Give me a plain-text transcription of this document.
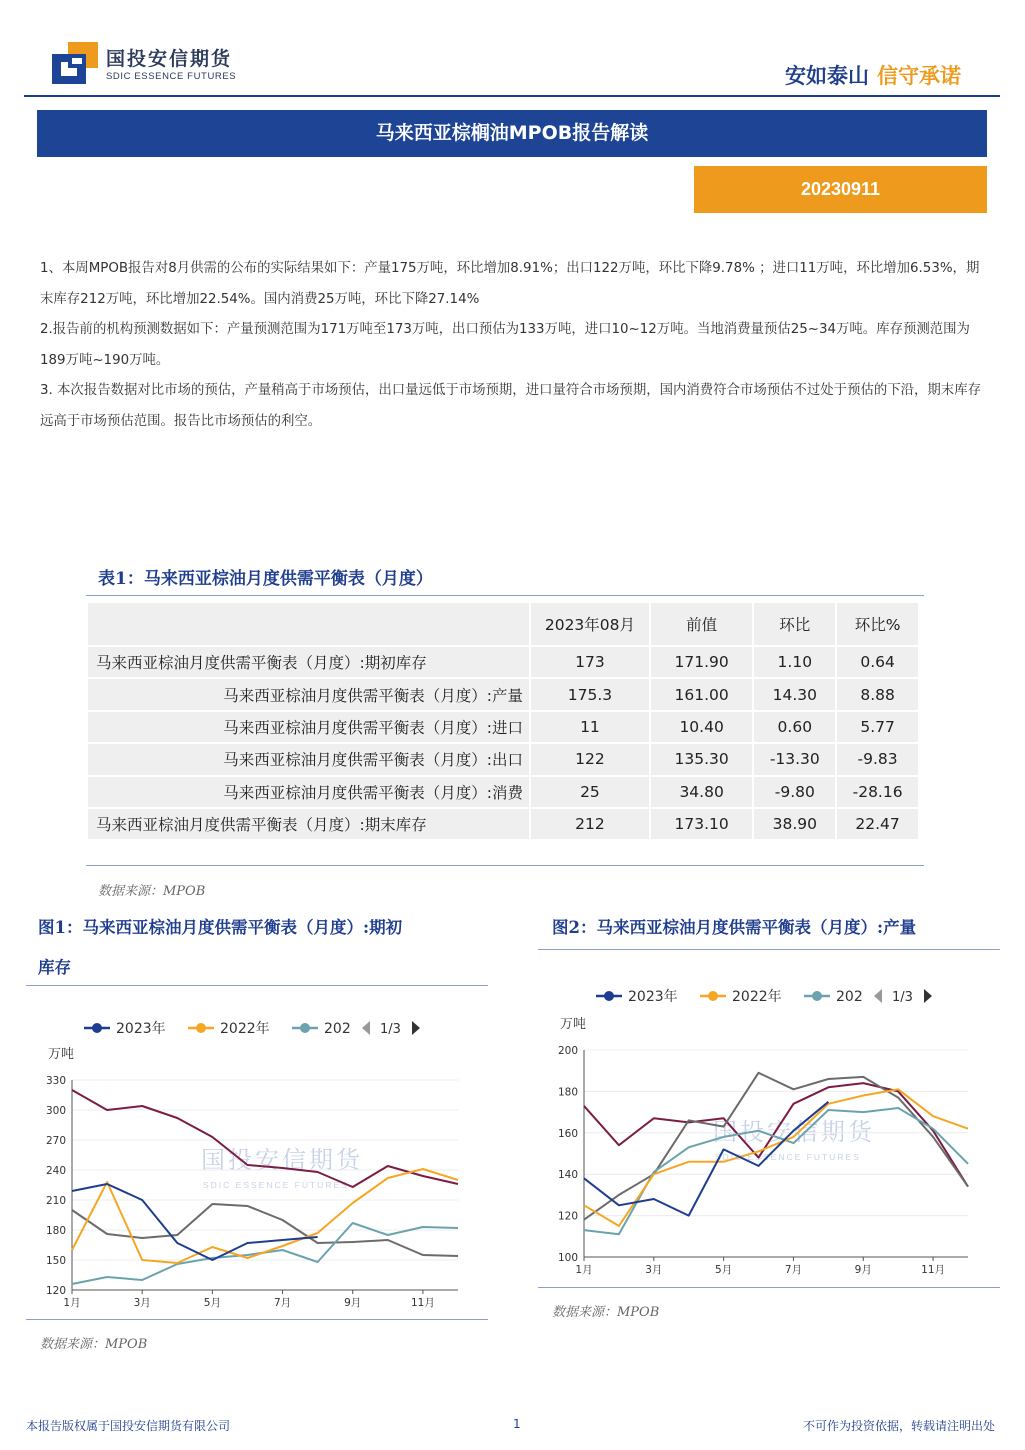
国投安信期货
SDIC ESSENCE FUTURES	安如泰山 信守承诺
马来西亚棕榈油MPOB报告解读
20230911

1、本周MPOB报告对8月供需的公布的实际结果如下：产量175万吨，环比增加8.91%；出口122万吨，环比下降9.78% ；进口11万吨，环比增加6.53%，期末库存212万吨，环比增加22.54%。国内消费25万吨，环比下降27.14%

2.报告前的机构预测数据如下：产量预测范围为171万吨至173万吨，出口预估为133万吨，进口10~12万吨。当地消费量预估25~34万吨。库存预测范围为189万吨~190万吨。

3. 本次报告数据对比市场的预估，产量稍高于市场预估，出口量远低于市场预期，进口量符合市场预期，国内消费符合市场预估不过处于预估的下沿，期末库存远高于市场预估范围。报告比市场预估的利空。

表1：马来西亚棕油月度供需平衡表（月度）
	2023年08月	前值	环比	环比%
马来西亚棕油月度供需平衡表（月度）:期初库存	173	171.90	1.10	0.64
马来西亚棕油月度供需平衡表（月度）:产量	175.3	161.00	14.30	8.88
马来西亚棕油月度供需平衡表（月度）:进口	11	10.40	0.60	5.77
马来西亚棕油月度供需平衡表（月度）:出口	122	135.30	-13.30	-9.83
马来西亚棕油月度供需平衡表（月度）:消费	25	34.80	-9.80	-28.16
马来西亚棕油月度供需平衡表（月度）:期末库存	212	173.10	38.90	22.47
数据来源：MPOB
图1：马来西亚棕油月度供需平衡表（月度）:期初
库存
国投安信期货
SDIC ESSENCE FUTURES
2023年	2022年	202 1/3
万吨
120
150
180
210
240
270
300
330
1月	3月	5月	7月	9月	11月
数据来源：MPOB
图2：马来西亚棕油月度供需平衡表（月度）:产量
国投安信期货
SDIC ESSENCE FUTURES
2023年	2022年	202 1/3
万吨
100
120
140
160
180
200
1月	3月	5月	7月	9月	11月
数据来源：MPOB
本报告版权属于国投安信期货有限公司	1	不可作为投资依据，转载请注明出处
